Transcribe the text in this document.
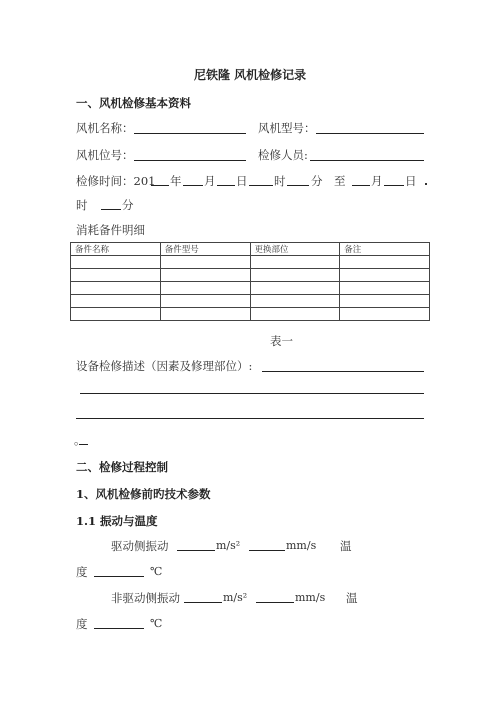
尼铁隆 风机检修记录
一、风机检修基本资料
风机名称：	风机型号：
风机位号：	检修人员:
检修时间：201 年 月 日 时 分 至 月 日
时	分
消耗备件明细
备件名称	备件型号	更换部位	备注

表一
设备检修描述（因素及修理部位）:
。
二、检修过程控制
1、风机检修前旳技术参数
1.1 振动与温度
驱动侧振动	m/s²	mm/s 温
度	℃
非驱动侧振动	m/s²	mm/s 温
度	℃
